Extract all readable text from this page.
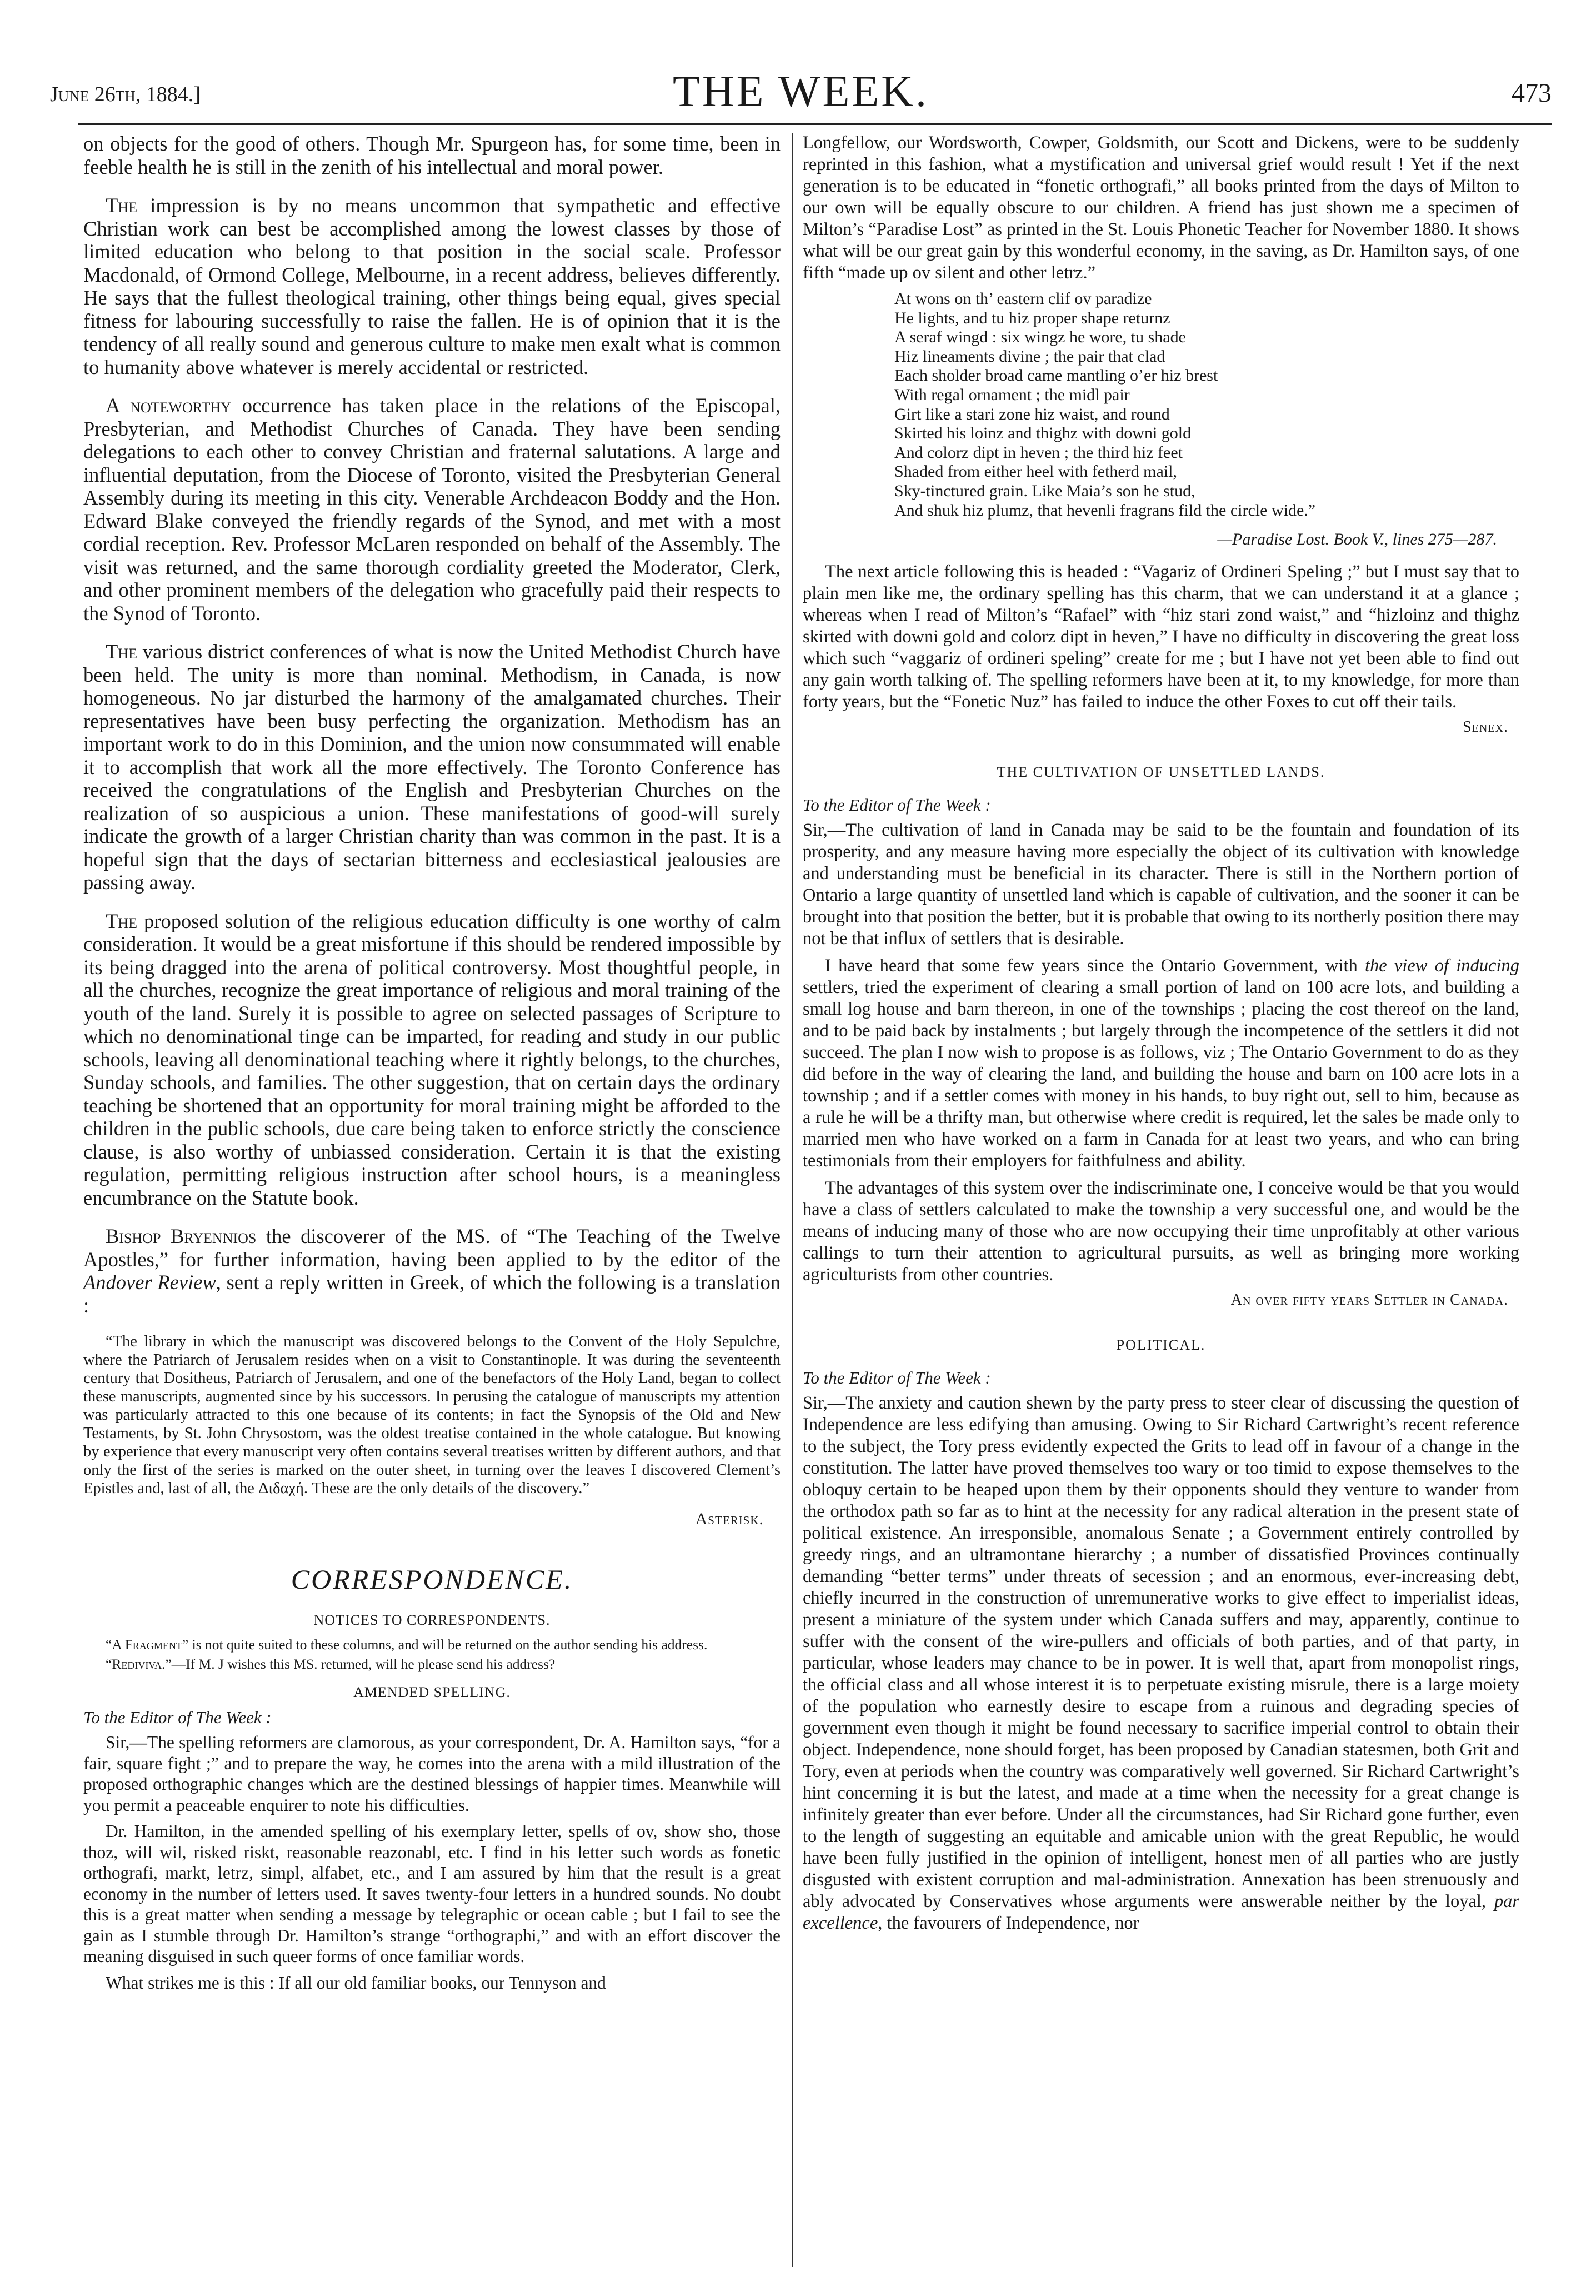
June 26th, 1884.]	THE WEEK.	473

on objects for the good of others. Though Mr. Spurgeon has, for some time, been in feeble health he is still in the zenith of his intellectual and moral power.

The impression is by no means uncommon that sympathetic and effective Christian work can best be accomplished among the lowest classes by those of limited education who belong to that position in the social scale. Professor Macdonald, of Ormond College, Melbourne, in a recent address, believes differently. He says that the fullest theological training, other things being equal, gives special fitness for labouring successfully to raise the fallen. He is of opinion that it is the tendency of all really sound and generous culture to make men exalt what is common to humanity above whatever is merely accidental or restricted.

A noteworthy occurrence has taken place in the relations of the Episcopal, Presbyterian, and Methodist Churches of Canada. They have been sending delegations to each other to convey Christian and fraternal salutations. A large and influential deputation, from the Diocese of Toronto, visited the Presbyterian General Assembly during its meeting in this city. Venerable Archdeacon Boddy and the Hon. Edward Blake conveyed the friendly regards of the Synod, and met with a most cordial reception. Rev. Professor McLaren responded on behalf of the Assembly. The visit was returned, and the same thorough cordiality greeted the Moderator, Clerk, and other prominent members of the delegation who gracefully paid their respects to the Synod of Toronto.

The various district conferences of what is now the United Methodist Church have been held. The unity is more than nominal. Methodism, in Canada, is now homogeneous. No jar disturbed the harmony of the amalgamated churches. Their representatives have been busy perfecting the organization. Methodism has an important work to do in this Dominion, and the union now consummated will enable it to accomplish that work all the more effectively. The Toronto Conference has received the congratulations of the English and Presbyterian Churches on the realization of so auspicious a union. These manifestations of good-will surely indicate the growth of a larger Christian charity than was common in the past. It is a hopeful sign that the days of sectarian bitterness and ecclesiastical jealousies are passing away.

The proposed solution of the religious education difficulty is one worthy of calm consideration. It would be a great misfortune if this should be rendered impossible by its being dragged into the arena of political controversy. Most thoughtful people, in all the churches, recognize the great importance of religious and moral training of the youth of the land. Surely it is possible to agree on selected passages of Scripture to which no denominational tinge can be imparted, for reading and study in our public schools, leaving all denominational teaching where it rightly belongs, to the churches, Sunday schools, and families. The other suggestion, that on certain days the ordinary teaching be shortened that an opportunity for moral training might be afforded to the children in the public schools, due care being taken to enforce strictly the conscience clause, is also worthy of unbiassed consideration. Certain it is that the existing regulation, permitting religious instruction after school hours, is a meaningless encumbrance on the Statute book.

Bishop Bryennios the discoverer of the MS. of “The Teaching of the Twelve Apostles,” for further information, having been applied to by the editor of the Andover Review, sent a reply written in Greek, of which the following is a translation :

“The library in which the manuscript was discovered belongs to the Convent of the Holy Sepulchre, where the Patriarch of Jerusalem resides when on a visit to Constantinople. It was during the seventeenth century that Dositheus, Patriarch of Jerusalem, and one of the benefactors of the Holy Land, began to collect these manuscripts, augmented since by his successors. In perusing the catalogue of manuscripts my attention was particularly attracted to this one because of its contents; in fact the Synopsis of the Old and New Testaments, by St. John Chrysostom, was the oldest treatise contained in the whole catalogue. But knowing by experience that every manuscript very often contains several treatises written by different authors, and that only the first of the series is marked on the outer sheet, in turning over the leaves I discovered Clement’s Epistles and, last of all, the Διδαχή. These are the only details of the discovery.”

Asterisk.
CORRESPONDENCE.
NOTICES TO CORRESPONDENTS.

“A Fragment” is not quite suited to these columns, and will be returned on the author sending his address.

“Rediviva.”—If M. J wishes this MS. returned, will he please send his address?

AMENDED SPELLING.
To the Editor of The Week :

Sir,—The spelling reformers are clamorous, as your correspondent, Dr. A. Hamilton says, “for a fair, square fight ;” and to prepare the way, he comes into the arena with a mild illustration of the proposed orthographic changes which are the destined blessings of happier times. Meanwhile will you permit a peaceable enquirer to note his difficulties.

Dr. Hamilton, in the amended spelling of his exemplary letter, spells of ov, show sho, those thoz, will wil, risked riskt, reasonable reazonabl, etc. I find in his letter such words as fonetic orthografi, markt, letrz, simpl, alfabet, etc., and I am assured by him that the result is a great economy in the number of letters used. It saves twenty-four letters in a hundred sounds. No doubt this is a great matter when sending a message by telegraphic or ocean cable ; but I fail to see the gain as I stumble through Dr. Hamilton’s strange “orthographi,” and with an effort discover the meaning disguised in such queer forms of once familiar words.

What strikes me is this : If all our old familiar books, our Tennyson and

Longfellow, our Wordsworth, Cowper, Goldsmith, our Scott and Dickens, were to be suddenly reprinted in this fashion, what a mystification and universal grief would result ! Yet if the next generation is to be educated in “fonetic orthografi,” all books printed from the days of Milton to our own will be equally obscure to our children. A friend has just shown me a specimen of Milton’s “Paradise Lost” as printed in the St. Louis Phonetic Teacher for November 1880. It shows what will be our great gain by this wonderful economy, in the saving, as Dr. Hamilton says, of one fifth “made up ov silent and other letrz.”

At wons on th’ eastern clif ov paradize
He lights, and tu hiz proper shape returnz
A seraf wingd : six wingz he wore, tu shade
Hiz lineaments divine ; the pair that clad
Each sholder broad came mantling o’er hiz brest
With regal ornament ; the midl pair
Girt like a stari zone hiz waist, and round
Skirted his loinz and thighz with downi gold
And colorz dipt in heven ; the third hiz feet
Shaded from either heel with fetherd mail,
Sky-tinctured grain. Like Maia’s son he stud,
And shuk hiz plumz, that hevenli fragrans fild the circle wide.”
—Paradise Lost. Book V., lines 275—287.

The next article following this is headed : “Vagariz of Ordineri Speling ;” but I must say that to plain men like me, the ordinary spelling has this charm, that we can understand it at a glance ; whereas when I read of Milton’s “Rafael” with “hiz stari zond waist,” and “hizloinz and thighz skirted with downi gold and colorz dipt in heven,” I have no difficulty in discovering the great loss which such “vaggariz of ordineri speling” create for me ; but I have not yet been able to find out any gain worth talking of. The spelling reformers have been at it, to my knowledge, for more than forty years, but the “Fonetic Nuz” has failed to induce the other Foxes to cut off their tails.

Senex.
THE CULTIVATION OF UNSETTLED LANDS.
To the Editor of The Week :

Sir,—The cultivation of land in Canada may be said to be the fountain and foundation of its prosperity, and any measure having more especially the object of its cultivation with knowledge and understanding must be beneficial in its character. There is still in the Northern portion of Ontario a large quantity of unsettled land which is capable of cultivation, and the sooner it can be brought into that position the better, but it is probable that owing to its northerly position there may not be that influx of settlers that is desirable.

I have heard that some few years since the Ontario Government, with the view of inducing settlers, tried the experiment of clearing a small portion of land on 100 acre lots, and building a small log house and barn thereon, in one of the townships ; placing the cost thereof on the land, and to be paid back by instalments ; but largely through the incompetence of the settlers it did not succeed. The plan I now wish to propose is as follows, viz ; The Ontario Government to do as they did before in the way of clearing the land, and building the house and barn on 100 acre lots in a township ; and if a settler comes with money in his hands, to buy right out, sell to him, because as a rule he will be a thrifty man, but otherwise where credit is required, let the sales be made only to married men who have worked on a farm in Canada for at least two years, and who can bring testimonials from their employers for faithfulness and ability.

The advantages of this system over the indiscriminate one, I conceive would be that you would have a class of settlers calculated to make the township a very successful one, and would be the means of inducing many of those who are now occupying their time unprofitably at other various callings to turn their attention to agricultural pursuits, as well as bringing more working agriculturists from other countries.

An over fifty years Settler in Canada.
POLITICAL.
To the Editor of The Week :

Sir,—The anxiety and caution shewn by the party press to steer clear of discussing the question of Independence are less edifying than amusing. Owing to Sir Richard Cartwright’s recent reference to the subject, the Tory press evidently expected the Grits to lead off in favour of a change in the constitution. The latter have proved themselves too wary or too timid to expose themselves to the obloquy certain to be heaped upon them by their opponents should they venture to wander from the orthodox path so far as to hint at the necessity for any radical alteration in the present state of political existence. An irresponsible, anomalous Senate ; a Government entirely controlled by greedy rings, and an ultramontane hierarchy ; a number of dissatisfied Provinces continually demanding “better terms” under threats of secession ; and an enormous, ever-increasing debt, chiefly incurred in the construction of unremunerative works to give effect to imperialist ideas, present a miniature of the system under which Canada suffers and may, apparently, continue to suffer with the consent of the wire-pullers and officials of both parties, and of that party, in particular, whose leaders may chance to be in power. It is well that, apart from monopolist rings, the official class and all whose interest it is to perpetuate existing misrule, there is a large moiety of the population who earnestly desire to escape from a ruinous and degrading species of government even though it might be found necessary to sacrifice imperial control to obtain their object. Independence, none should forget, has been proposed by Canadian statesmen, both Grit and Tory, even at periods when the country was comparatively well governed. Sir Richard Cartwright’s hint concerning it is but the latest, and made at a time when the necessity for a great change is infinitely greater than ever before. Under all the circumstances, had Sir Richard gone further, even to the length of suggesting an equitable and amicable union with the great Republic, he would have been fully justified in the opinion of intelligent, honest men of all parties who are justly disgusted with existent corruption and mal-administration. Annexation has been strenuously and ably advocated by Conservatives whose arguments were answerable neither by the loyal, par excellence, the favourers of Independence, nor
